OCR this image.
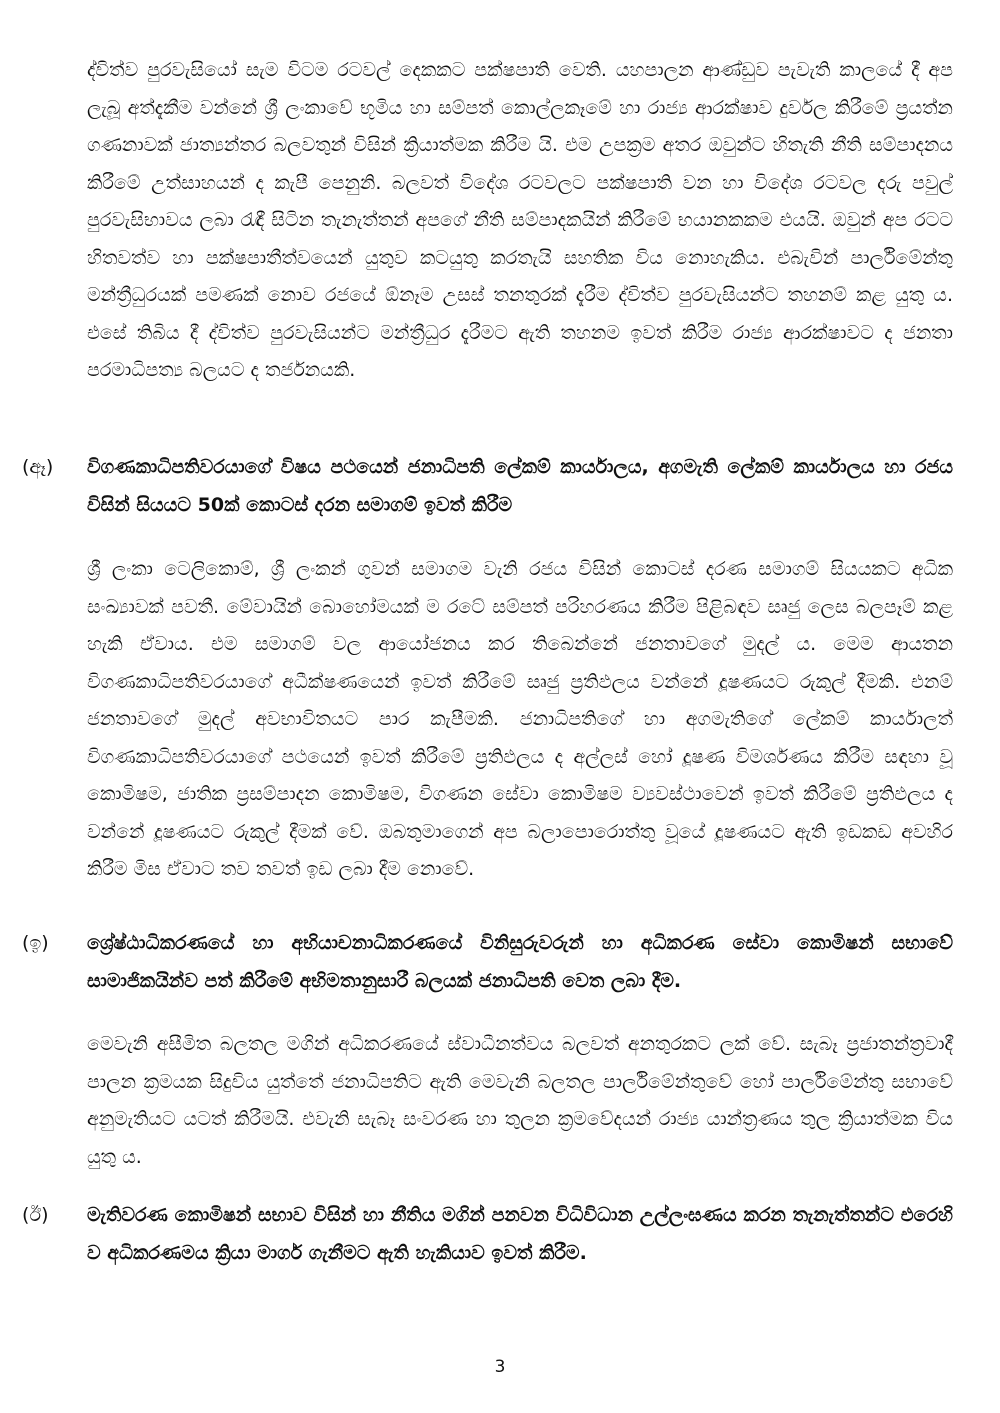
ද්විත්ව පුරවැසියෝ සැම විටම රටවල් දෙකකට පක්ෂපාති වෙති. යහපාලන ආණ්ඩුව පැවැති කාලයේ දී අප ලැබූ අත්දැකීම වන්නේ ශ්‍රී ලංකාවේ භූමිය හා සම්පත් කොල්ලකෑමේ හා රාජ්‍ය ආරක්ෂාව දුර්වල කිරීමේ ප්‍රයත්න ගණනාවක් ජාත්‍යන්තර බලවතුන් විසින් ක්‍රියාත්මක කිරීම යි. එම උපක්‍රම අතර ඔවුන්ට හිතැති නීති සම්පාදනය කිරීමේ උත්සාහයන් ද කැපී පෙනුනි. බලවත් විදේශ රටවලට පක්ෂපාති වන හා විදේශ රටවල දරු පවුල් පුරවැසිභාවය ලබා රැඳී සිටින තැනැත්තන් අපගේ නීති සම්පාදකයින් කිරීමේ භයානකකම එයයි. ඔවුන් අප රටට හිතවත්ව හා පක්ෂපාතීත්වයෙන් යුතුව කටයුතු කරතැයි සහතික විය නොහැකිය. එබැවින් පාර්ලිමේන්තු මන්ත්‍රීධුරයක් පමණක් නොව රජයේ ඕනෑම උසස් තනතුරක් දැරීම ද්විත්ව පුරවැසියන්ට තහනම් කළ යුතු ය. එසේ තිබිය දී ද්විත්ව පුරවැසියන්ට මන්ත්‍රීධුර දැරීමට ඇති තහනම ඉවත් කිරීම රාජ්‍ය ආරක්ෂාවට ද ජනතා පරමාධිපත්‍ය බලයට ද තර්ජනයකි.

(ඈ) විගණකාධිපතිවරයාගේ විෂය පථයෙන් ජනාධිපති ලේකම් කාර්යාලය, අගමැති ලේකම් කාර්යාලය හා රජය විසින් සියයට 50ක් කොටස් දරන සමාගම් ඉවත් කිරීම

ශ්‍රී ලංකා ටෙලිකොම්, ශ්‍රී ලංකන් ගුවන් සමාගම වැනි රජය විසින් කොටස් දරණ සමාගම් සියයකට අධික සංඛ්‍යාවක් පවතී. මේවායින් බොහෝමයක් ම රටේ සම්පත් පරිහරණය කිරීම පිළිබඳව සෘජු ලෙස බලපෑම් කළ හැකි ඒවාය. එම සමාගම් වල ආයෝජනය කර තිබෙන්නේ ජනතාවගේ මුදල් ය. මෙම ආයතන විගණකාධිපතිවරයාගේ අධීක්ෂණයෙන් ඉවත් කිරීමේ සෘජු ප්‍රතිඵලය වන්නේ දූෂණයට රුකුල් දීමකි. එනම් ජනතාවගේ මුදල් අවභාවිතයට පාර කැපීමකි. ජනාධිපතිගේ හා අගමැතිගේ ලේකම් කාර්යාලත් විගණකාධිපතිවරයාගේ පථයෙන් ඉවත් කිරීමේ ප්‍රතිඵලය ද අල්ලස් හෝ දූෂණ විමර්ශණය කිරීම සඳහා වූ කොමිෂම, ජාතික ප්‍රසම්පාදන කොමිෂම, විගණන සේවා කොමිෂම ව්‍යවස්ථාවෙන් ඉවත් කිරීමේ ප්‍රතිඵලය ද වන්නේ දූෂණයට රුකුල් දීමක් වේ. ඔබතුමාගෙන් අප බලාපොරොත්තු වූයේ දූෂණයට ඇති ඉඩකඩ අවහිර කිරීම මිස ඒවාට තව තවත් ඉඩ ලබා දීම නොවේ.

(ඉ) ශ්‍රේෂ්ඨාධිකරණයේ හා අභියාචනාධිකරණයේ විනිසුරුවරුන් හා අධිකරණ සේවා කොමිෂන් සභාවේ සාමාජිකයින්ව පත් කිරීමේ අභිමතානුසාරී බලයක් ජනාධිපති වෙත ලබා දීම.

මෙවැනි අසීමිත බලතල මගින් අධිකරණයේ ස්වාධීනත්වය බලවත් අනතුරකට ලක් වේ. සැබෑ ප්‍රජාතන්ත්‍රවාදී පාලන ක්‍රමයක සිදුවිය යුත්තේ ජනාධිපතිට ඇති මෙවැනි බලතල පාර්ලිමේන්තුවේ හෝ පාර්ලිමේන්තු සභාවේ අනුමැතියට යටත් කිරීමයි. එවැනි සැබෑ සංවරණ හා තුලන ක්‍රමවේදයන් රාජ්‍ය යාන්ත්‍රණය තුල ක්‍රියාත්මක විය යුතු ය.

(ඊ) මැතිවරණ කොමිෂන් සභාව විසින් හා නීතිය මගින් පනවන විධිවිධාන උල්ලංඝණය කරන තැනැත්තන්ට එරෙහි ව අධිකරණමය ක්‍රියා මාර්ග ගැනීමට ඇති හැකියාව ඉවත් කිරීම.

3
